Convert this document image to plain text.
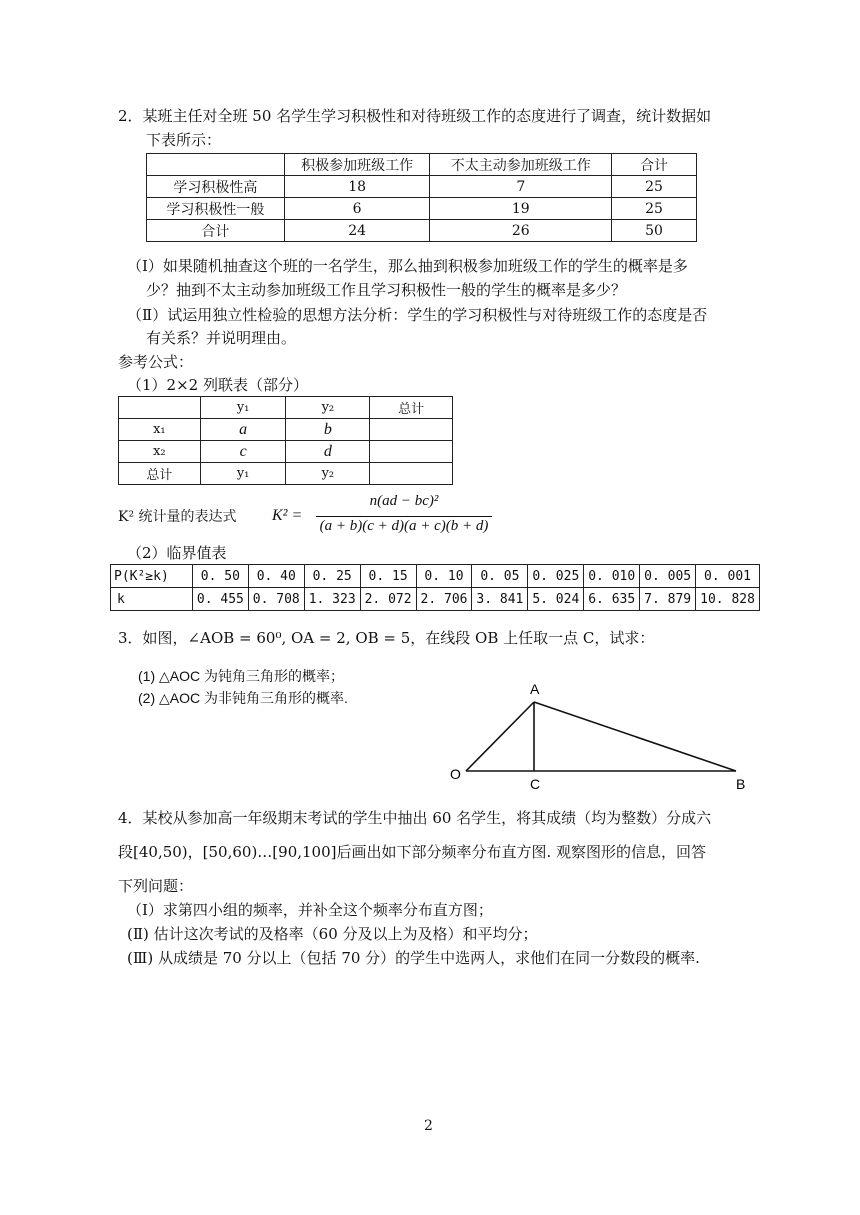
2．某班主任对全班 50 名学生学习积极性和对待班级工作的态度进行了调查，统计数据如
下表所示：
	积极参加班级工作	不太主动参加班级工作	合计
学习积极性高	18	7	25
学习积极性一般	6	19	25
合计	24	26	50
（Ⅰ）如果随机抽查这个班的一名学生，那么抽到积极参加班级工作的学生的概率是多
少？抽到不太主动参加班级工作且学习积极性一般的学生的概率是多少？
（Ⅱ）试运用独立性检验的思想方法分析：学生的学习积极性与对待班级工作的态度是否
有关系？并说明理由。
参考公式：
（1）2×2 列联表（部分）
	y₁	y₂	总计
x₁	a	b	
x₂	c	d	
总计	y₁	y₂	
K² 统计量的表达式 K² =
n(ad − bc)²
(a + b)(c + d)(a + c)(b + d)
（2）临界值表
P(K²≥k)	0. 50	0. 40	0. 25	0. 15	0. 10	0. 05	0. 025	0. 010	0. 005	0. 001
k	0. 455	0. 708	1. 323	2. 072	2. 706	3. 841	5. 024	6. 635	7. 879	10. 828
3．如图，∠AOB = 60⁰, OA = 2, OB = 5，在线段 OB 上任取一点 C，试求：
(1) △AOC 为钝角三角形的概率；
(2) △AOC 为非钝角三角形的概率.
A
O
C	B
4．某校从参加高一年级期末考试的学生中抽出 60 名学生，将其成绩（均为整数）分成六
段[40,50)，[50,60)…[90,100]后画出如下部分频率分布直方图. 观察图形的信息，回答
下列问题：
（Ⅰ）求第四小组的频率，并补全这个频率分布直方图；
(Ⅱ) 估计这次考试的及格率（60 分及以上为及格）和平均分；
(Ⅲ) 从成绩是 70 分以上（包括 70 分）的学生中选两人，求他们在同一分数段的概率.
2
